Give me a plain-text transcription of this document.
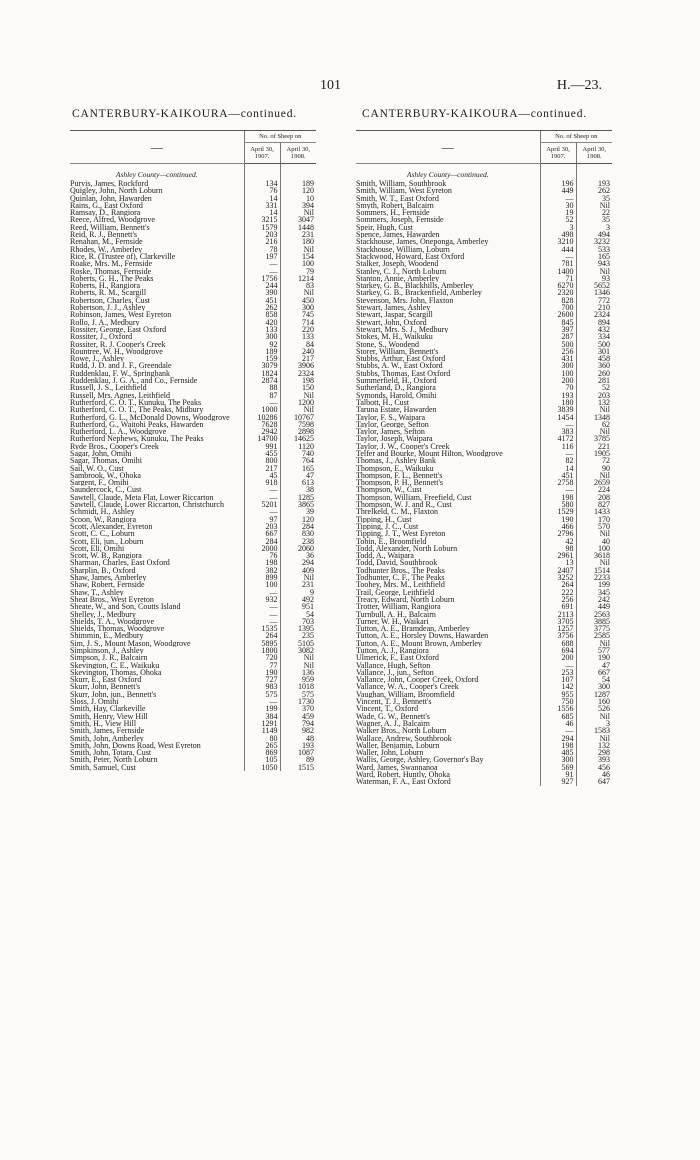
101	H.—23.
CANTERBURY-KAIKOURA—continued.	CANTERBURY-KAIKOURA—continued.
—	No. of Sheep on	
	April 30, 1907.	April 30, 1908.

Ashley County—continued.		
Purvis, James, Rockford	134	189
Quigley, John, North Loburn	76	120
Quinlan, John, Hawarden	14	10
Rains, G., East Oxford	331	394
Ramsay, D., Rangiora	14	Nil
Reece, Alfred, Woodgrove	3215	3047
Reed, William, Bennett's	1579	1448
Reid, R. J., Bennett's	203	231
Renahan, M., Fernside	216	180
Rhodes, W., Amberley	78	Nil
Rice, R. (Trustee of), Clarkeville	197	154
Roake, Mrs. M., Fernside	—	100
Roske, Thomas, Fernside	—	79
Roberts, G. H., The Peaks	1756	1214
Roberts, H., Rangiora	244	83
Roberts, R. M., Scargill	390	Nil
Robertson, Charles, Cust	451	450
Robertson, J. J., Ashley	262	300
Robinson, James, West Eyreton	858	745
Rollo, J. A., Medbury	420	714
Rossiter, George, East Oxford	133	220
Rossiter, J., Oxford	300	133
Rossiter, R. J. Cooper's Creek	92	84
Rountree, W. H., Woodgrove	189	240
Rowe, J., Ashley	159	217
Rudd, J. D. and J. F., Greendale	3079	3906
Ruddenklau, F. W., Springbank	1824	2324
Ruddenklau, J. G. A., and Co., Fernside	2874	198
Russell, J. S., Leithfield	88	150
Russell, Mrs. Agnes, Leithfield	87	Nil
Rutherford, C. O. T., Kunuku, The Peaks	—	1200
Rutherford, C. O. T., The Peaks, Midbury	1000	Nil
Rutherford, G. L., McDonald Downs, Woodgrove	10286	10767
Rutherford, G., Waitohi Peaks, Hawarden	7628	7598
Rutherford, L. A., Woodgrove	2942	2898
Rutherford Nephews, Kunuku, The Peaks	14700	14625
Ryde Bros., Cooper's Creek	991	1120
Sagar, John, Omihi	455	740
Sagar, Thomas, Omihi	800	764
Sail, W. O., Cust	217	165
Sambrook, W., Ohoka	45	47
Sargent, F., Omihi	918	613
Saundercock, C., Cust	—	38
Sawtell, Claude, Meta Flat, Lower Riccarton	—	1285
Sawtell, Claude, Lower Riccarton, Christchurch	5201	3865
Schmidt, H., Ashley	—	39
Scoon, W., Rangiora	97	120
Scott, Alexander, Eyreton	203	284
Scott, C. C., Loburn	667	830
Scott, Eli, jun., Loburn	284	238
Scott, Eli, Omihi	2000	2060
Scott, W. B., Rangiora	76	36
Sharman, Charles, East Oxford	198	294
Sharplin, B., Oxford	382	409
Shaw, James, Amberley	899	Nil
Shaw, Robert, Fernside	100	231
Shaw, T., Ashley	—	9
Sheat Bros., West Eyreton	932	492
Sheate, W., and Son, Coutts Island	—	951
Shelley, J., Medbury	—	54
Shields, T. A., Woodgrove	—	703
Shields, Thomas, Woodgrove	1535	1395
Shimmin, E., Medbury	264	235
Sim, J. S., Mount Mason, Woodgrove	5895	5105
Simpkinson, J., Ashley	1800	3082
Simpson, J. R., Balcairn	720	Nil
Skevington, C. E., Waikuku	77	Nil
Skevington, Thomas, Ohoka	190	136
Skurr, E., East Oxford	727	959
Skurr, John, Bennett's	983	1018
Skurr, John, jun., Bennett's	575	575
Sloss, J. Omihi	—	1730
Smith, Hay, Clarkeville	199	370
Smith, Henry, View Hill	384	459
Smith, H., View Hill	1291	794
Smith, James, Fernside	1149	982
Smith, John, Amberley	80	48
Smith, John, Downs Road, West Eyreton	265	193
Smith, John, Totara, Cust	869	1087
Smith, Peter, North Loburn	105	89
Smith, Samuel, Cust	1050	1515
—	No. of Sheep on	
	April 30, 1907.	April 30, 1908.

Ashley County—continued.		
Smith, William, Southbrook	196	193
Smith, William, West Eyreton	449	262
Smith, W. T., East Oxford	—	35
Smyth, Robert, Balcairn	30	Nil
Sommers, H., Fernside	19	22
Sommers, Joseph, Fernside	52	35
Speir, Hugh, Cust	3	3
Spence, James, Hawarden	498	494
Stackhouse, James, Oneponga, Amberley	3210	3232
Stackhouse, William, Loburn	444	533
Stackwood, Howard, East Oxford	—	165
Stalker, Joseph, Woodend	781	943
Stanley, C. J., North Loburn	1400	Nil
Stanton, Annie, Amberley	71	93
Starkey, G. B., Blackhills, Amberley	6270	5652
Starkey, G. B., Brackenfield, Amberley	2320	1346
Stevenson, Mrs. John, Flaxton	828	772
Stewart, James, Ashley	700	210
Stewart, Jaspar, Scargill	2600	2324
Stewart, John, Oxford	845	894
Stewart, Mrs. S. J., Medbury	397	432
Stokes, M. H., Waikuku	287	334
Stone, S., Woodend	500	500
Storer, William, Bennett's	256	301
Stubbs, Arthur, East Oxford	431	458
Stubbs, A. W., East Oxford	300	360
Stubbs, Thomas, East Oxford	100	260
Summerfield, H., Oxford	200	281
Sutherland, D., Rangiora	70	52
Symonds, Harold, Omihi	193	203
Talbott, H., Cust	180	132
Taruna Estate, Hawarden	3839	Nil
Taylor, F. S., Waipara	1454	1348
Taylor, George, Sefton	—	62
Taylor, James, Sefton	383	Nil
Taylor, Joseph, Waipara	4172	3785
Taylor, J. W., Cooper's Creek	116	221
Telfer and Bourke, Mount Hilton, Woodgrove	—	1905
Thomas, J., Ashley Bank	82	72
Thompson, E., Waikuku	14	90
Thompson, F. L., Bennett's	451	Nil
Thompson, P. H., Bennett's	2758	2659
Thompson, W., Cust	—	224
Thompson, William, Freefield, Cust	198	208
Thompson, W. J. and R., Cust	580	827
Threlkeld, C. M., Flaxton	1529	1433
Tipping, H., Cust	190	170
Tipping, J. C., Cust	466	570
Tipping, J. T., West Eyreton	2796	Nil
Tobin, E., Broomfield	42	40
Todd, Alexander, North Loburn	98	100
Todd, A., Waipara	2961	3618
Todd, David, Southbrook	13	Nil
Todhunter Bros., The Peaks	2407	1514
Todhunter, C. F., The Peaks	3252	2233
Toohey, Mrs. M., Leithfield	264	199
Trail, George, Leithfield	222	345
Treacy, Edward, North Loburn	256	242
Trotter, William, Rangiora	691	449
Turnbull, A. H., Balcairn	2113	2563
Turner, W. H., Waikari	3705	3885
Tutton, A. E., Bramdean, Amberley	1257	3775
Tutton, A. E., Horsley Downs, Hawarden	3756	2585
Tutton, A. E., Mount Brown, Amberley	688	Nil
Tutton, A. J., Rangiora	694	577
Ulmerick, F., East Oxford	200	190
Vallance, Hugh, Sefton	—	47
Vallance, J., jun., Sefton	253	667
Vallance, John, Cooper Creek, Oxford	107	54
Vallance, W. A., Cooper's Creek	142	300
Vaughan, William, Broomfield	955	1287
Vincent, T. J., Bennett's	750	160
Vincent, T., Oxford	1556	526
Wade, G. W., Bennett's	685	Nil
Wagner, A. J., Balcairn	46	3
Walker Bros., North Loburn	—	1583
Wallace, Andrew, Southbrook	294	Nil
Waller, Benjamin, Loburn	198	132
Waller, John, Loburn	485	298
Wallis, George, Ashley, Governor's Bay	300	393
Ward, James, Swannanoa	569	456
Ward, Robert, Huntly, Ohoka	91	46
Waterman, F. A., East Oxford	927	647
